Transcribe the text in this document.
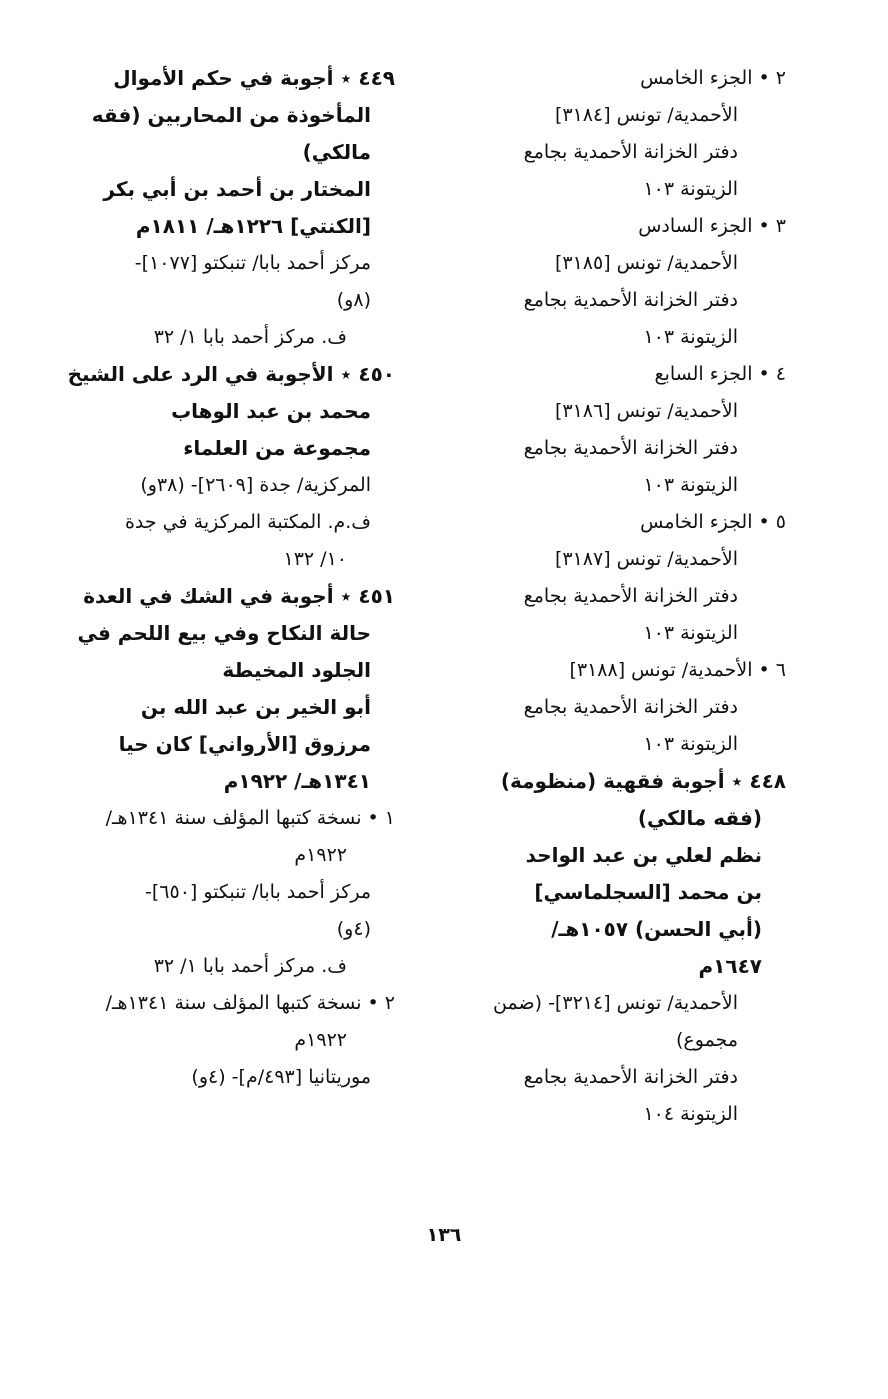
٢ • الجزء الخامس
الأحمدية/ تونس [٣١٨٤]
دفتر الخزانة الأحمدية بجامع
الزيتونة ١٠٣
٣ • الجزء السادس
الأحمدية/ تونس [٣١٨٥]
دفتر الخزانة الأحمدية بجامع
الزيتونة ١٠٣
٤ • الجزء السابع
الأحمدية/ تونس [٣١٨٦]
دفتر الخزانة الأحمدية بجامع
الزيتونة ١٠٣
٥ • الجزء الخامس
الأحمدية/ تونس [٣١٨٧]
دفتر الخزانة الأحمدية بجامع
الزيتونة ١٠٣
٦ • الأحمدية/ تونس [٣١٨٨]
دفتر الخزانة الأحمدية بجامع
الزيتونة ١٠٣
٤٤٨ ٭ أجوبة فقهية (منظومة)
(فقه مالكي)
نظم لعلي بن عبد الواحد
بن محمد [السجلماسي]
(أبي الحسن) ١٠٥٧هـ/
١٦٤٧م
الأحمدية/ تونس [٣٢١٤]- (ضمن
مجموع)
دفتر الخزانة الأحمدية بجامع
الزيتونة ١٠٤
٤٤٩ ٭ أجوبة في حكم الأموال
المأخوذة من المحاربين (فقه
مالكي)
المختار بن أحمد بن أبي بكر
[الكنتي] ١٢٢٦هـ/ ١٨١١م
مركز أحمد بابا/ تنبكتو [١٠٧٧]-
(٨و)
ف. مركز أحمد بابا ١/ ٣٢
٤٥٠ ٭ الأجوبة في الرد على الشيخ
محمد بن عبد الوهاب
مجموعة من العلماء
المركزية/ جدة [٢٦٠٩]- (٣٨و)
ف.م. المكتبة المركزية في جدة
١٠/ ١٣٢
٤٥١ ٭ أجوبة في الشك في العدة
حالة النكاح وفي بيع اللحم في
الجلود المخيطة
أبو الخير بن عبد الله بن
مرزوق [الأرواني] كان حيا
١٣٤١هـ/ ١٩٢٢م
١ • نسخة كتبها المؤلف سنة ١٣٤١هـ/
١٩٢٢م
مركز أحمد بابا/ تنبكتو [٦٥٠]-
(٤و)
ف. مركز أحمد بابا ١/ ٣٢
٢ • نسخة كتبها المؤلف سنة ١٣٤١هـ/
١٩٢٢م
موريتانيا [٤٩٣/م]- (٤و)
١٣٦
